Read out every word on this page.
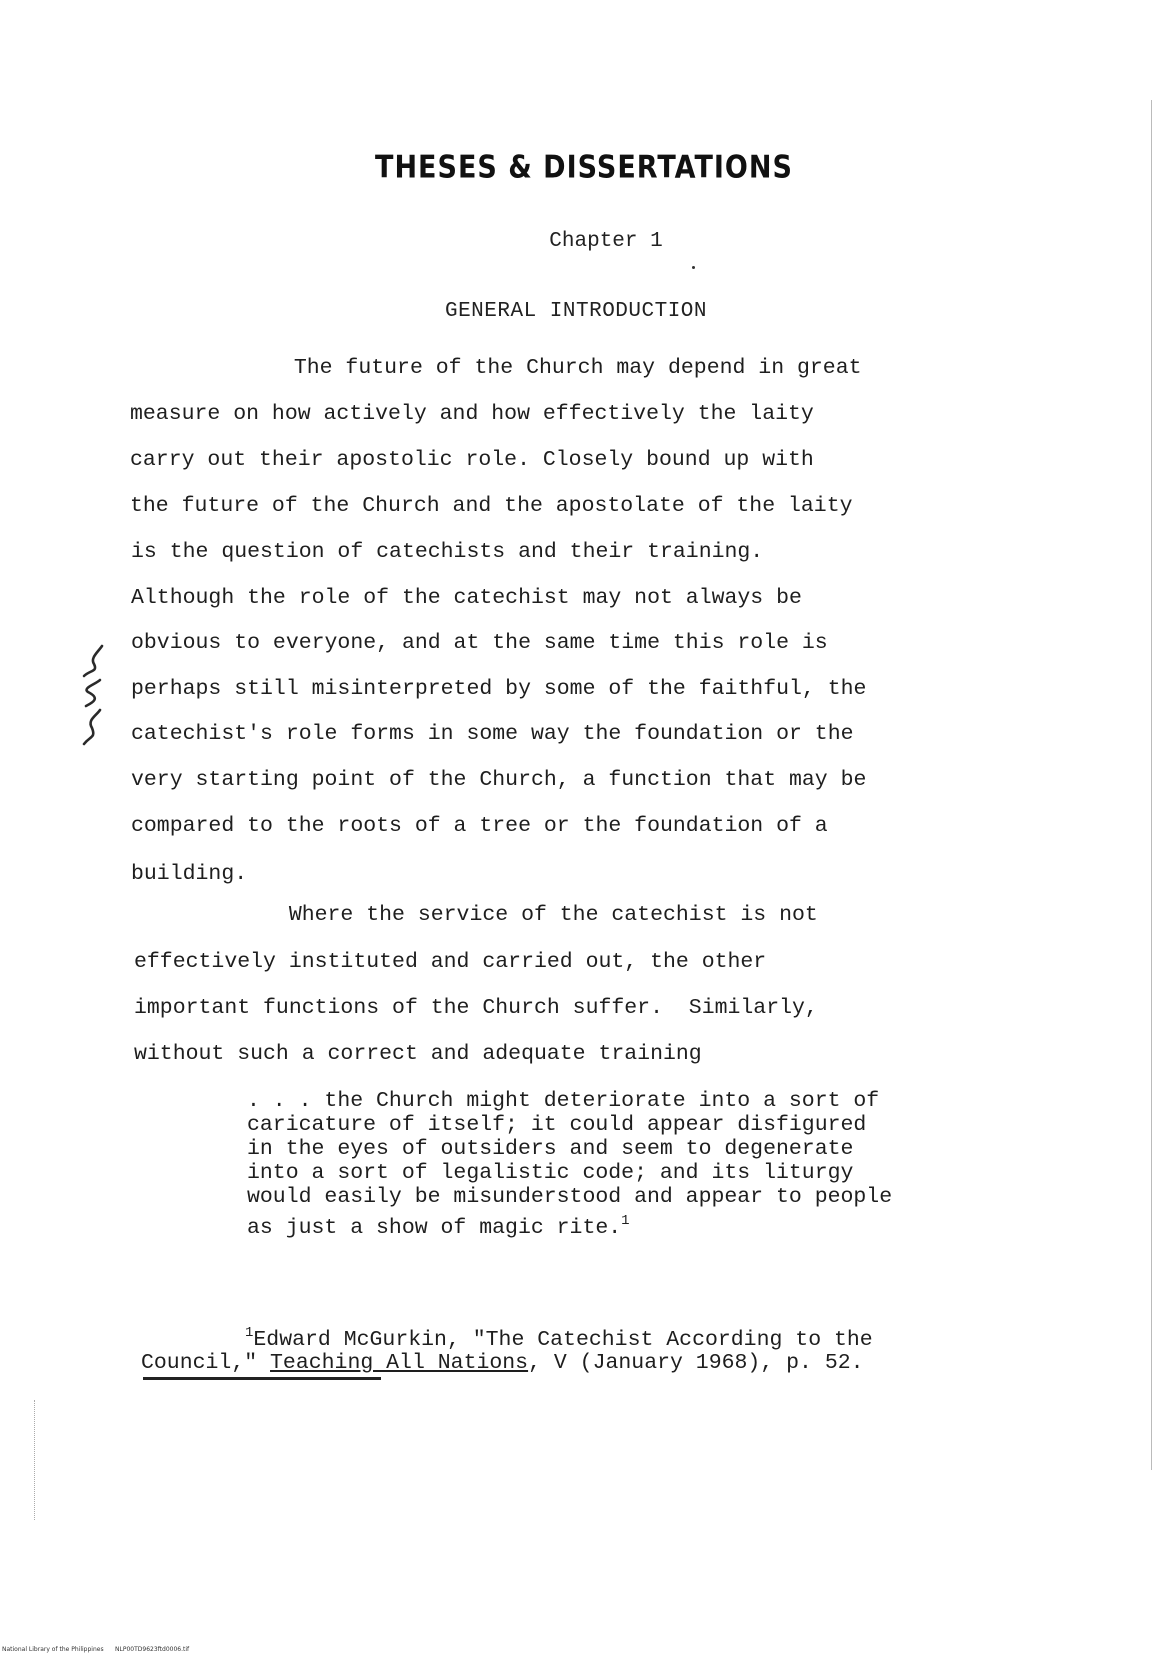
THESES & DISSERTATIONS
Chapter 1
GENERAL INTRODUCTION
The future of the Church may depend in great
measure on how actively and how effectively the laity
carry out their apostolic role. Closely bound up with
the future of the Church and the apostolate of the laity
is the question of catechists and their training.
Although the role of the catechist may not always be
obvious to everyone, and at the same time this role is
perhaps still misinterpreted by some of the faithful, the
catechist's role forms in some way the foundation or the
very starting point of the Church, a function that may be
compared to the roots of a tree or the foundation of a
building.
Where the service of the catechist is not
effectively instituted and carried out, the other
important functions of the Church suffer.  Similarly,
without such a correct and adequate training
. . . the Church might deteriorate into a sort of
caricature of itself; it could appear disfigured
in the eyes of outsiders and seem to degenerate
into a sort of legalistic code; and its liturgy
would easily be misunderstood and appear to people
as just a show of magic rite.$^1$
$^1$Edward McGurkin, "The Catechist According to the
Council," Teaching All Nations, V (January 1968), p. 52.
National Library of the Philippines      NLP00TD9623ftd0006.tif
